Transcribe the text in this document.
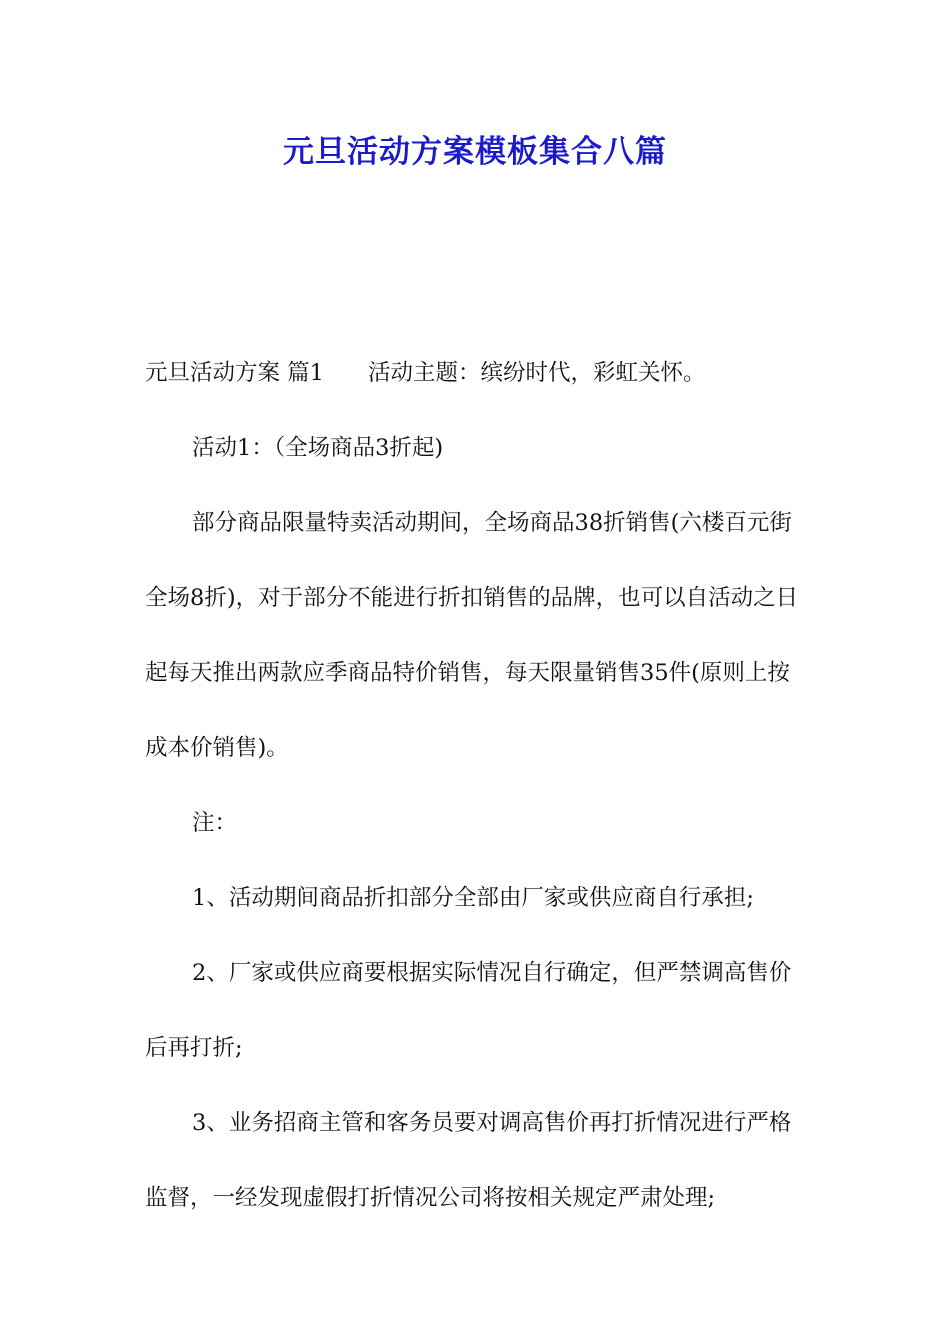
元旦活动方案模板集合八篇

元旦活动方案 篇1 活动主题：缤纷时代，彩虹关怀。

活动1：（全场商品3折起)

部分商品限量特卖活动期间，全场商品38折销售(六楼百元街全场8折)，对于部分不能进行折扣销售的品牌，也可以自活动之日起每天推出两款应季商品特价销售，每天限量销售35件(原则上按成本价销售)。

注：

1、活动期间商品折扣部分全部由厂家或供应商自行承担;

2、厂家或供应商要根据实际情况自行确定，但严禁调高售价后再打折;

3、业务招商主管和客务员要对调高售价再打折情况进行严格监督，一经发现虚假打折情况公司将按相关规定严肃处理;
